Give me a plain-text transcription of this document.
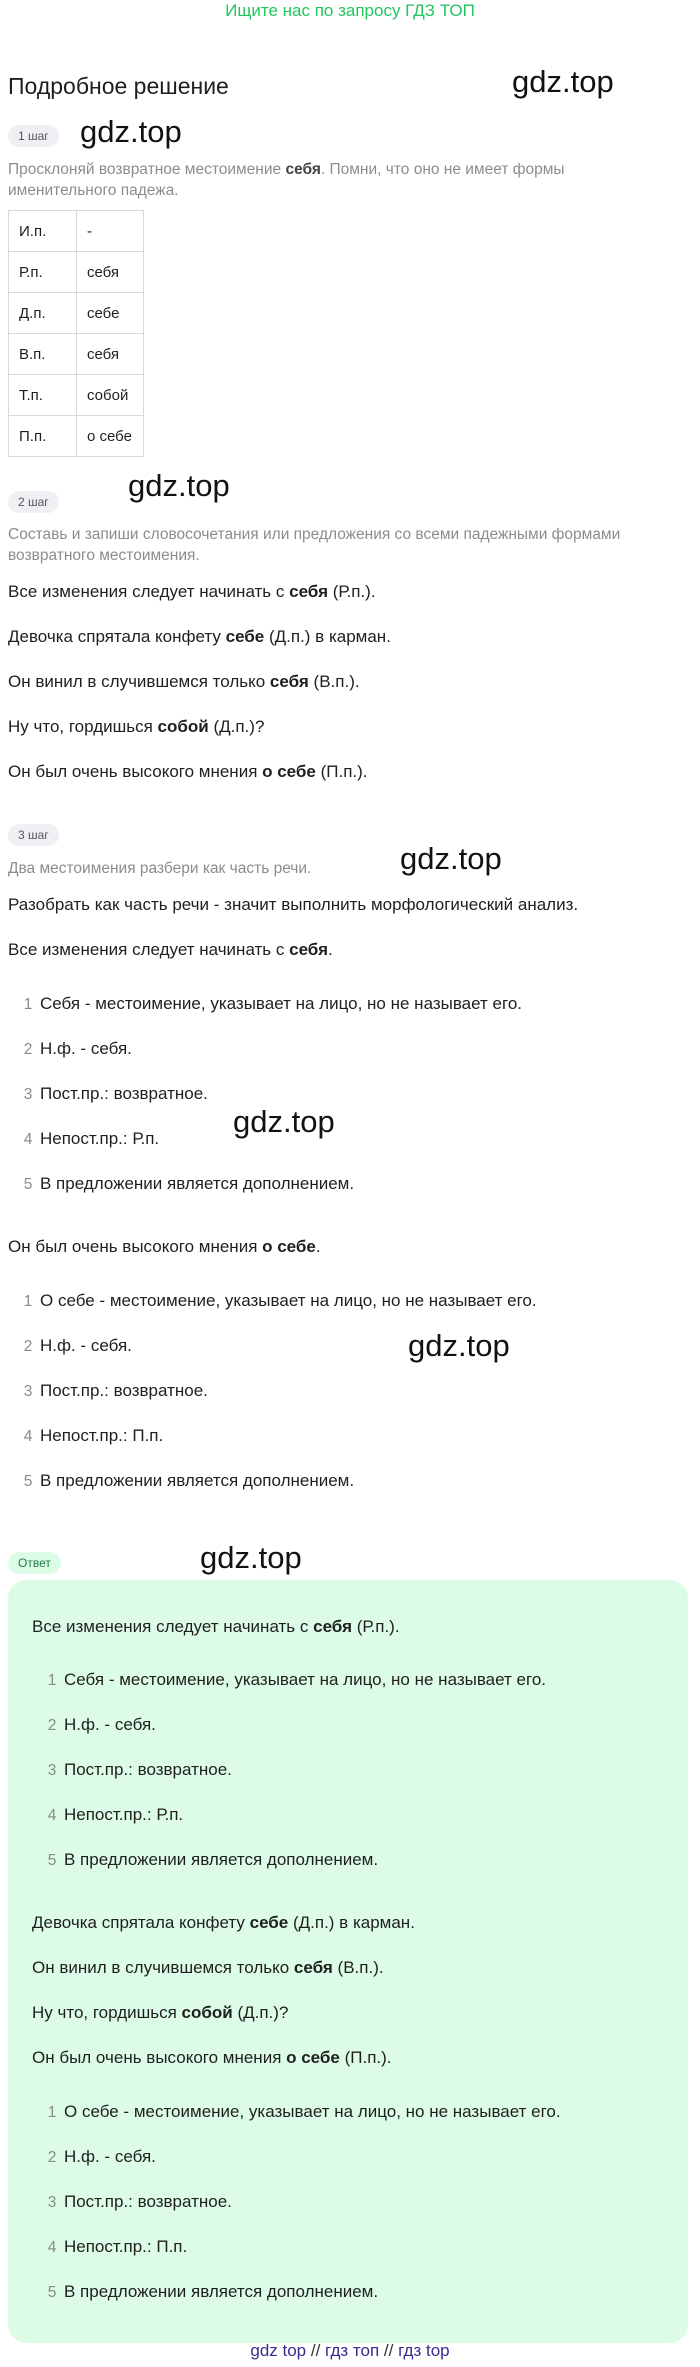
Ищите нас по запросу ГДЗ ТОП
Подробное решение	gdz.top
gdz.top
gdz.top
gdz.top
gdz.top
gdz.top
gdz.top
1 шаг
Просклоняй возвратное местоимение себя. Помни, что оно не имеет формы именительного падежа.
И.п.	-
Р.п.	себя
Д.п.	себе
В.п.	себя
Т.п.	собой
П.п.	о себе
2 шаг
Составь и запиши словосочетания или предложения со всеми падежными формами возвратного местоимения.
Все изменения следует начинать с себя (Р.п.).
Девочка спрятала конфету себе (Д.п.) в карман.
Он винил в случившемся только себя (В.п.).
Ну что, гордишься собой (Д.п.)?
Он был очень высокого мнения о себе (П.п.).
3 шаг
Два местоимения разбери как часть речи.
Разобрать как часть речи - значит выполнить морфологический анализ.
Все изменения следует начинать с себя.
1 Себя - местоимение, указывает на лицо, но не называет его.
2 Н.ф. - себя.
3 Пост.пр.: возвратное.
4 Непост.пр.: Р.п.
5 В предложении является дополнением.
Он был очень высокого мнения о себе.
1 О себе - местоимение, указывает на лицо, но не называет его.
2 Н.ф. - себя.
3 Пост.пр.: возвратное.
4 Непост.пр.: П.п.
5 В предложении является дополнением.
Ответ
Все изменения следует начинать с себя (Р.п.).
1 Себя - местоимение, указывает на лицо, но не называет его.
2 Н.ф. - себя.
3 Пост.пр.: возвратное.
4 Непост.пр.: Р.п.
5 В предложении является дополнением.
Девочка спрятала конфету себе (Д.п.) в карман.
Он винил в случившемся только себя (В.п.).
Ну что, гордишься собой (Д.п.)?
Он был очень высокого мнения о себе (П.п.).
1 О себе - местоимение, указывает на лицо, но не называет его.
2 Н.ф. - себя.
3 Пост.пр.: возвратное.
4 Непост.пр.: П.п.
5 В предложении является дополнением.
gdz top // гдз топ // гдз top
